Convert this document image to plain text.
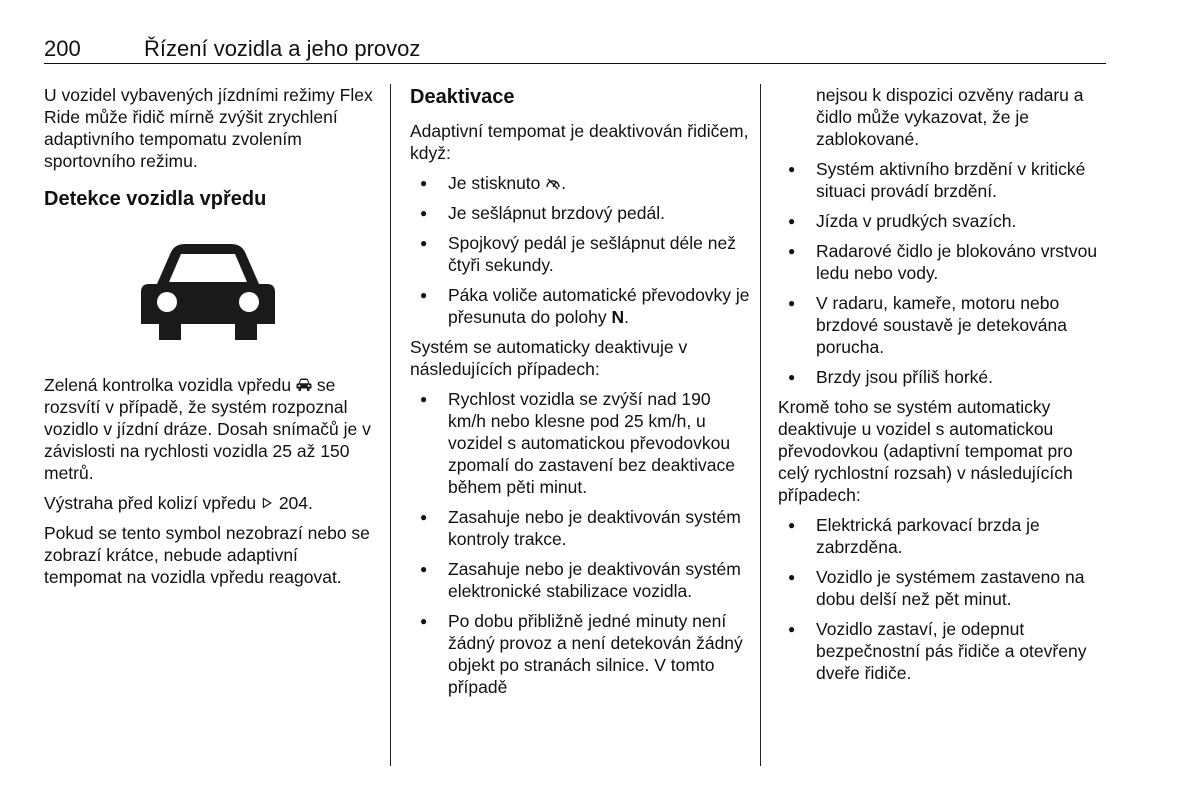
200	Řízení vozidla a jeho provoz

U vozidel vybavených jízdními režimy Flex Ride může řidič mírně zvýšit zrychlení adaptivního tempomatu zvolením sportovního režimu.

Detekce vozidla vpředu

Zelená kontrolka vozidla vpředu se rozsvítí v případě, že systém rozpoznal vozidlo v jízdní dráze. Dosah snímačů je v závislosti na rychlosti vozidla 25 až 150 metrů.

Výstraha před kolizí vpředu 204.

Pokud se tento symbol nezobrazí nebo se zobrazí krátce, nebude adaptivní tempomat na vozidla vpředu reagovat.

Deaktivace

Adaptivní tempomat je deaktivován řidičem, když:

● Je stisknuto .
● Je sešlápnut brzdový pedál.
● Spojkový pedál je sešlápnut déle než čtyři sekundy.
● Páka voliče automatické převodovky je přesunuta do polohy N.

Systém se automaticky deaktivuje v následujících případech:

● Rychlost vozidla se zvýší nad 190 km/h nebo klesne pod 25 km/h, u vozidel s automatickou převodovkou zpomalí do zastavení bez deaktivace během pěti minut.
● Zasahuje nebo je deaktivován systém kontroly trakce.
● Zasahuje nebo je deaktivován systém elektronické stabilizace vozidla.
● Po dobu přibližně jedné minuty není žádný provoz a není detekován žádný objekt po stranách silnice. V tomto případě

nejsou k dispozici ozvěny radaru a čidlo může vykazovat, že je zablokované.

● Systém aktivního brzdění v kritické situaci provádí brzdění.
● Jízda v prudkých svazích.
● Radarové čidlo je blokováno vrstvou ledu nebo vody.
● V radaru, kameře, motoru nebo brzdové soustavě je detekována porucha.
● Brzdy jsou příliš horké.

Kromě toho se systém automaticky deaktivuje u vozidel s automatickou převodovkou (adaptivní tempomat pro celý rychlostní rozsah) v následujících případech:

● Elektrická parkovací brzda je zabrzděna.
● Vozidlo je systémem zastaveno na dobu delší než pět minut.
● Vozidlo zastaví, je odepnut bezpečnostní pás řidiče a otevřeny dveře řidiče.
